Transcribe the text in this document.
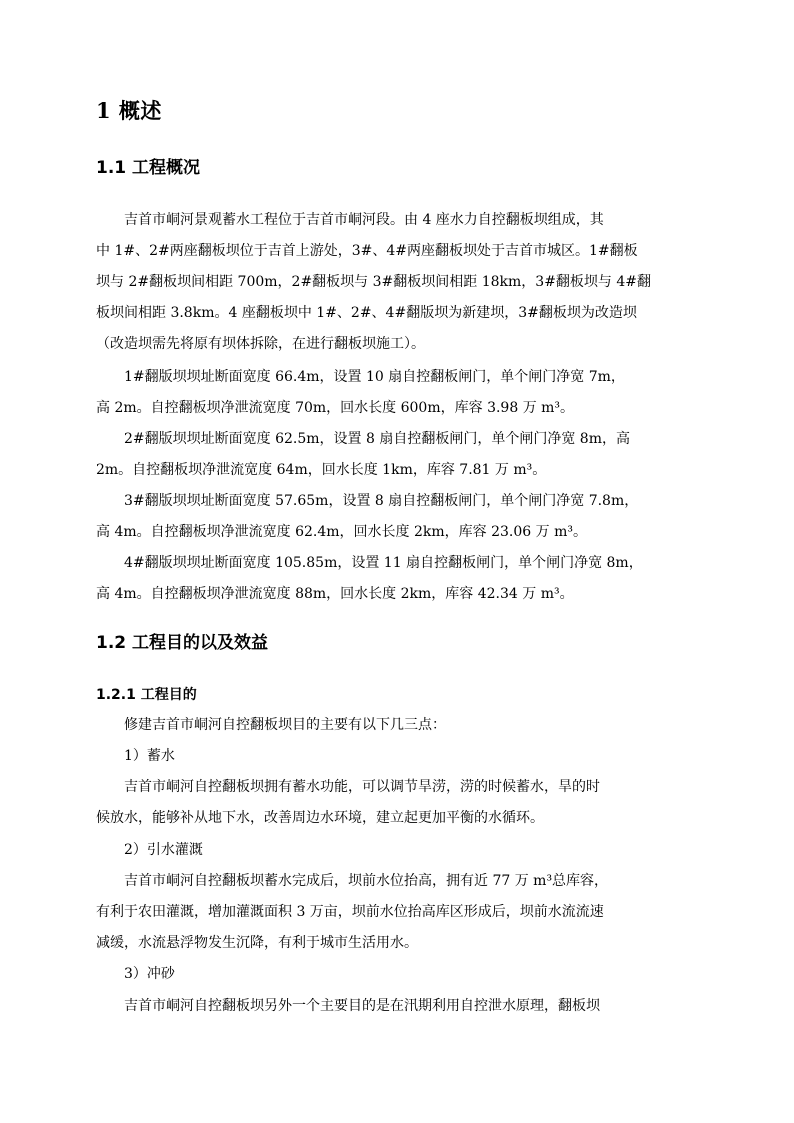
1 概述
1.1 工程概况

吉首市峒河景观蓄水工程位于吉首市峒河段。由 4 座水力自控翻板坝组成，其

中 1#、2#两座翻板坝位于吉首上游处，3#、4#两座翻板坝处于吉首市城区。1#翻板

坝与 2#翻板坝间相距 700m，2#翻板坝与 3#翻板坝间相距 18km，3#翻板坝与 4#翻

板坝间相距 3.8km。4 座翻板坝中 1#、2#、4#翻版坝为新建坝，3#翻板坝为改造坝

（改造坝需先将原有坝体拆除，在进行翻板坝施工）。

1#翻版坝坝址断面宽度 66.4m，设置 10 扇自控翻板闸门，单个闸门净宽 7m，

高 2m。自控翻板坝净泄流宽度 70m，回水长度 600m，库容 3.98 万 m³。

2#翻版坝坝址断面宽度 62.5m，设置 8 扇自控翻板闸门，单个闸门净宽 8m，高

2m。自控翻板坝净泄流宽度 64m，回水长度 1km，库容 7.81 万 m³。

3#翻版坝坝址断面宽度 57.65m，设置 8 扇自控翻板闸门，单个闸门净宽 7.8m，

高 4m。自控翻板坝净泄流宽度 62.4m，回水长度 2km，库容 23.06 万 m³。

4#翻版坝坝址断面宽度 105.85m，设置 11 扇自控翻板闸门，单个闸门净宽 8m，

高 4m。自控翻板坝净泄流宽度 88m，回水长度 2km，库容 42.34 万 m³。

1.2 工程目的以及效益
1.2.1 工程目的

修建吉首市峒河自控翻板坝目的主要有以下几三点：

1）蓄水

吉首市峒河自控翻板坝拥有蓄水功能，可以调节旱涝，涝的时候蓄水，旱的时

候放水，能够补从地下水，改善周边水环境，建立起更加平衡的水循环。

2）引水灌溉

吉首市峒河自控翻板坝蓄水完成后，坝前水位抬高，拥有近 77 万 m³总库容，

有利于农田灌溉，增加灌溉面积 3 万亩，坝前水位抬高库区形成后，坝前水流流速

减缓，水流悬浮物发生沉降，有利于城市生活用水。

3）冲砂

吉首市峒河自控翻板坝另外一个主要目的是在汛期利用自控泄水原理，翻板坝
